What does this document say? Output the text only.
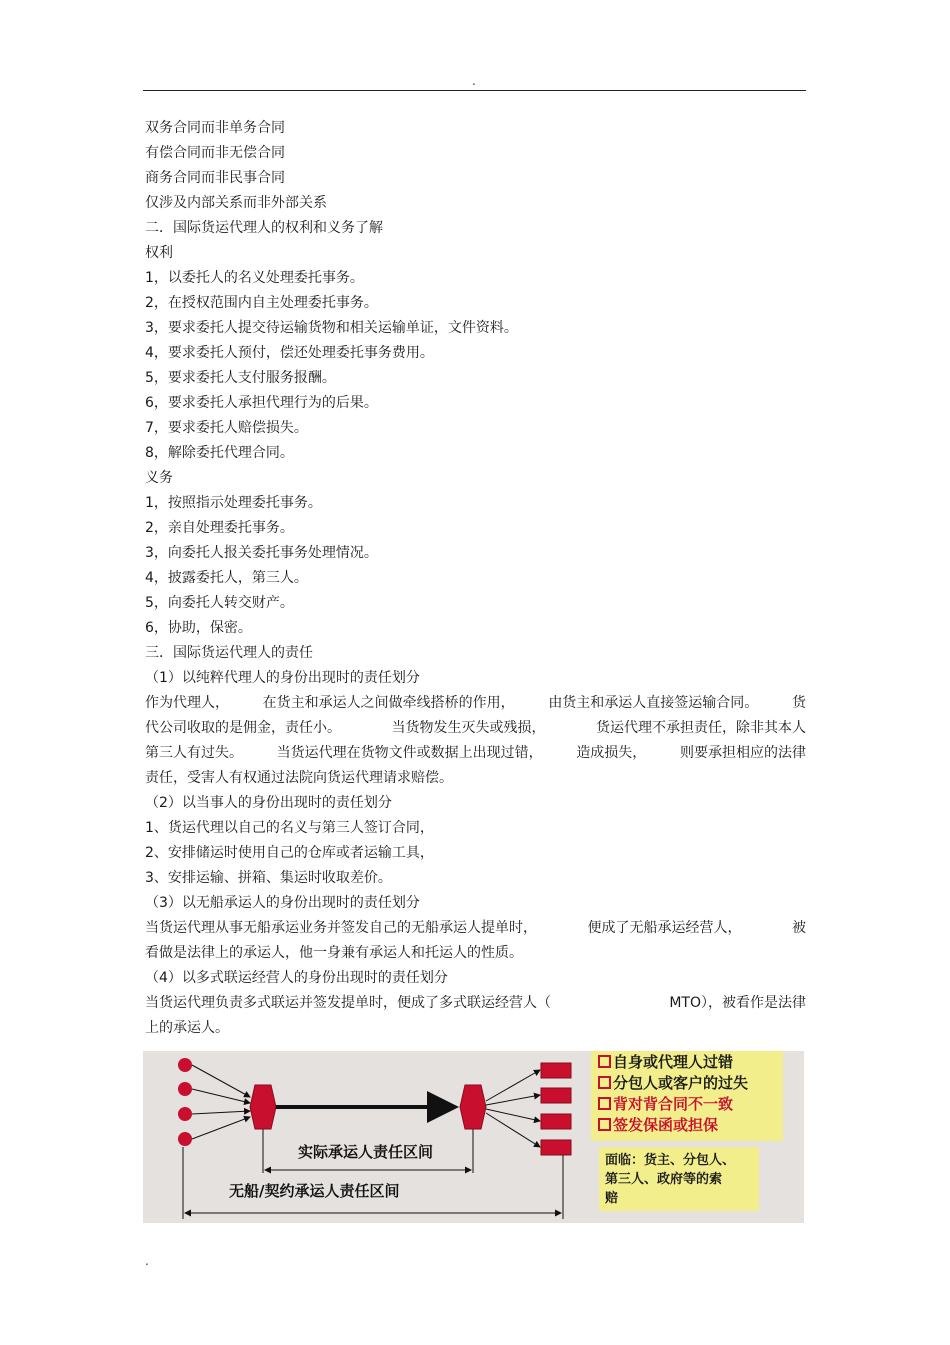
.
双务合同而非单务合同
有偿合同而非无偿合同
商务合同而非民事合同
仅涉及内部关系而非外部关系
二．国际货运代理人的权利和义务了解
权利
1，以委托人的名义处理委托事务。
2，在授权范围内自主处理委托事务。
3，要求委托人提交待运输货物和相关运输单证，文件资料。
4，要求委托人预付，偿还处理委托事务费用。
5，要求委托人支付服务报酬。
6，要求委托人承担代理行为的后果。
7，要求委托人赔偿损失。
8，解除委托代理合同。
义务
1，按照指示处理委托事务。
2，亲自处理委托事务。
3，向委托人报关委托事务处理情况。
4，披露委托人，第三人。
5，向委托人转交财产。
6，协助，保密。
三．国际货运代理人的责任
（1）以纯粹代理人的身份出现时的责任划分
作为代理人， 在货主和承运人之间做牵线搭桥的作用， 由货主和承运人直接签运输合同。 货
代公司收取的是佣金，责任小。	当货物发生灭失或残损，	货运代理不承担责任，除非其本人
第三人有过失。 当货运代理在货物文件或数据上出现过错， 造成损失， 则要承担相应的法律
责任，受害人有权通过法院向货运代理请求赔偿。
（2）以当事人的身份出现时的责任划分
1、货运代理以自己的名义与第三人签订合同，
2、安排储运时使用自己的仓库或者运输工具，
3、安排运输、拼箱、集运时收取差价。
（3）以无船承运人的身份出现时的责任划分
当货运代理从事无船承运业务并签发自己的无船承运人提单时，	便成了无船承运经营人，	被
看做是法律上的承运人，他一身兼有承运人和托运人的性质。
（4）以多式联运经营人的身份出现时的责任划分
当货运代理负责多式联运并签发提单时，便成了多式联运经营人（	MTO），被看作是法律
上的承运人。
实际承运人责任区间
无船/契约承运人责任区间
自身或代理人过错
分包人或客户的过失
背对背合同不一致
签发保函或担保
面临：货主、分包人、
第三人、政府等的索
赔
.
